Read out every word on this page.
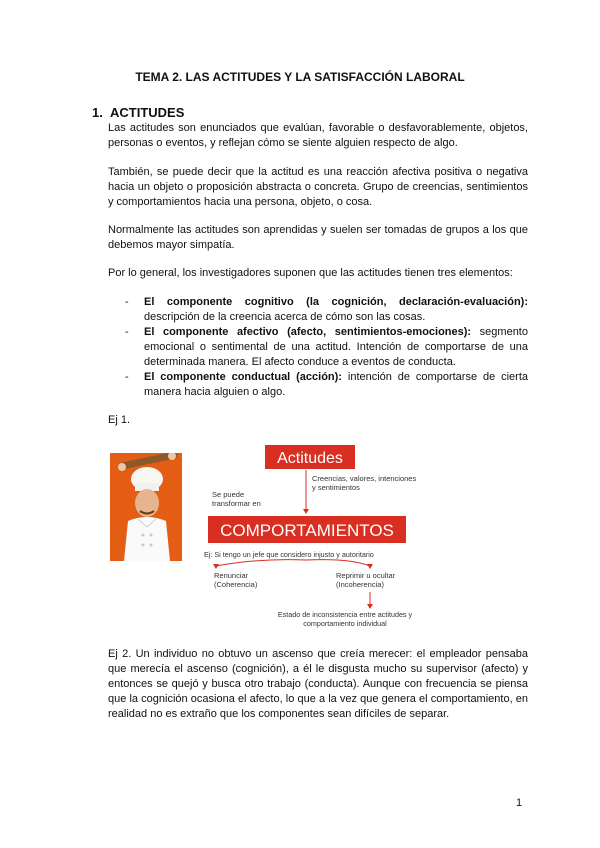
TEMA 2. LAS ACTITUDES Y LA SATISFACCIÓN LABORAL
1. ACTITUDES
Las actitudes son enunciados que evalúan, favorable o desfavorablemente, objetos, personas o eventos, y reflejan cómo se siente alguien respecto de algo.
También, se puede decir que la actitud es una reacción afectiva positiva o negativa hacia un objeto o proposición abstracta o concreta. Grupo de creencias, sentimientos y comportamientos hacia una persona, objeto, o cosa.
Normalmente las actitudes son aprendidas y suelen ser tomadas de grupos a los que debemos mayor simpatía.
Por lo general, los investigadores suponen que las actitudes tienen tres elementos:
- El componente cognitivo (la cognición, declaración-evaluación): descripción de la creencia acerca de cómo son las cosas.
- El componente afectivo (afecto, sentimientos-emociones): segmento emocional o sentimental de una actitud. Intención de comportarse de una determinada manera. El afecto conduce a eventos de conducta.
- El componente conductual (acción): intención de comportarse de cierta manera hacia alguien o algo.
Ej 1.
Actitudes
Creencias, valores, intenciones y sentimientos
Se puede transformar en
COMPORTAMIENTOS
Ej: Si tengo un jefe que considero injusto y autoritario
Renunciar
(Coherencia)
Reprimir u ocultar
(Incoherencia)
Estado de inconsistencia entre actitudes y comportamiento individual
Ej 2. Un individuo no obtuvo un ascenso que creía merecer: el empleador pensaba que merecía el ascenso (cognición), a él le disgusta mucho su supervisor (afecto) y entonces se quejó y busca otro trabajo (conducta). Aunque con frecuencia se piensa que la cognición ocasiona el afecto, lo que a la vez que genera el comportamiento, en realidad no es extraño que los componentes sean difíciles de separar.
1
